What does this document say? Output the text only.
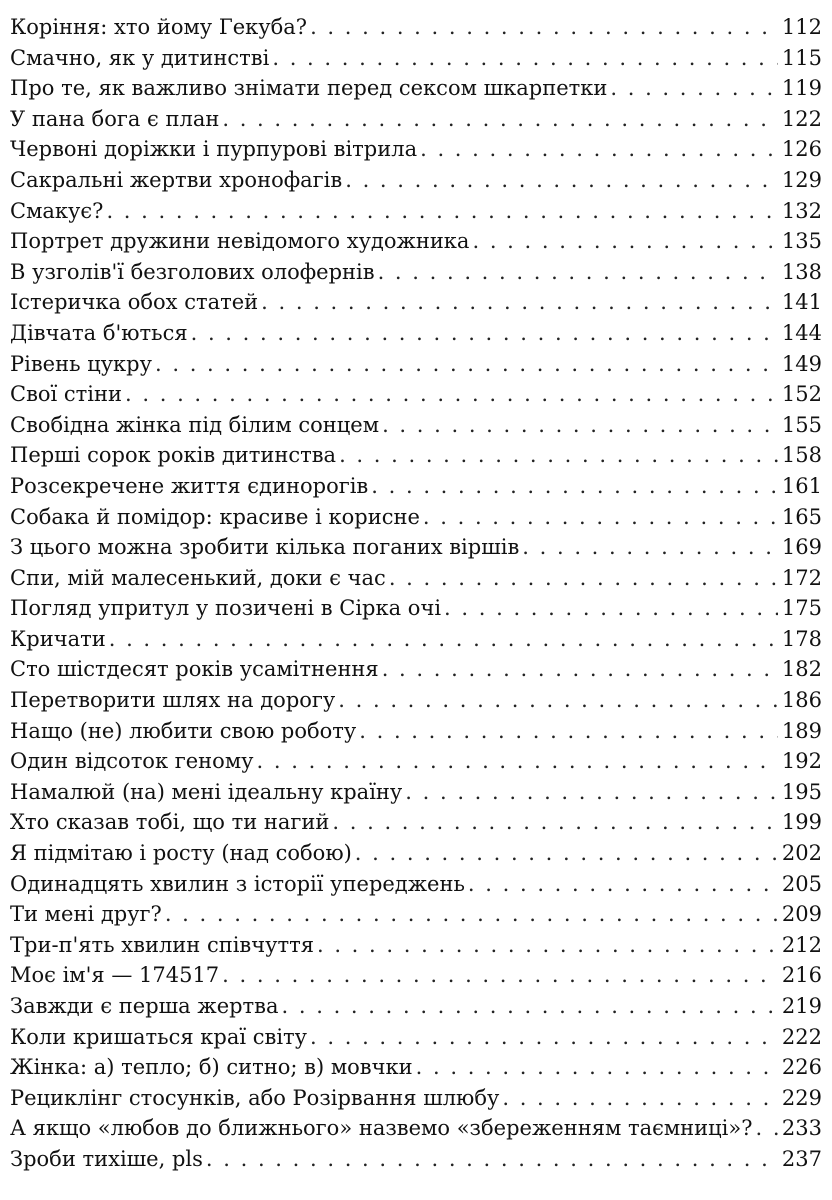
Коріння: хто йому Гекуба? . . .	112
Смачно, як у дитинстві . . .	115
Про те, як важливо знімати перед сексом шкарпетки . . .	119
У пана бога є план . . .	122
Червоні доріжки і пурпурові вітрила . . .	126
Сакральні жертви хронофагів . . .	129
Смакує? . . .	132
Портрет дружини невідомого художника . . .	135
В узголів'ї безголових олофернів . . .	138
Істеричка обох статей . . .	141
Дівчата б'ються . . .	144
Рівень цукру . . .	149
Свої стіни . . .	152
Свобідна жінка під білим сонцем . . .	155
Перші сорок років дитинства . . .	158
Розсекречене життя єдинорогів . . .	161
Собака й помідор: красиве і корисне . . .	165
З цього можна зробити кілька поганих віршів . . .	169
Спи, мій малесенький, доки є час . . .	172
Погляд упритул у позичені в Сірка очі . . .	175
Кричати . . .	178
Сто шістдесят років усамітнення . . .	182
Перетворити шлях на дорогу . . .	186
Нащо (не) любити свою роботу . . .	189
Один відсоток геному . . .	192
Намалюй (на) мені ідеальну країну . . .	195
Хто сказав тобі, що ти нагий . . .	199
Я підмітаю і росту (над собою) . . .	202
Одинадцять хвилин з історії упереджень . . .	205
Ти мені друг? . . .	209
Три-п'ять хвилин співчуття . . .	212
Моє ім'я — 174517 . . .	216
Завжди є перша жертва . . .	219
Коли кришаться краї світу . . .	222
Жінка: а) тепло; б) ситно; в) мовчки . . .	226
Рециклінг стосунків, або Розірвання шлюбу . . .	229
А якщо «любов до ближнього» назвемо «збереженням таємниці»? . . . 233
Зроби тихіше, pls . . .	237
